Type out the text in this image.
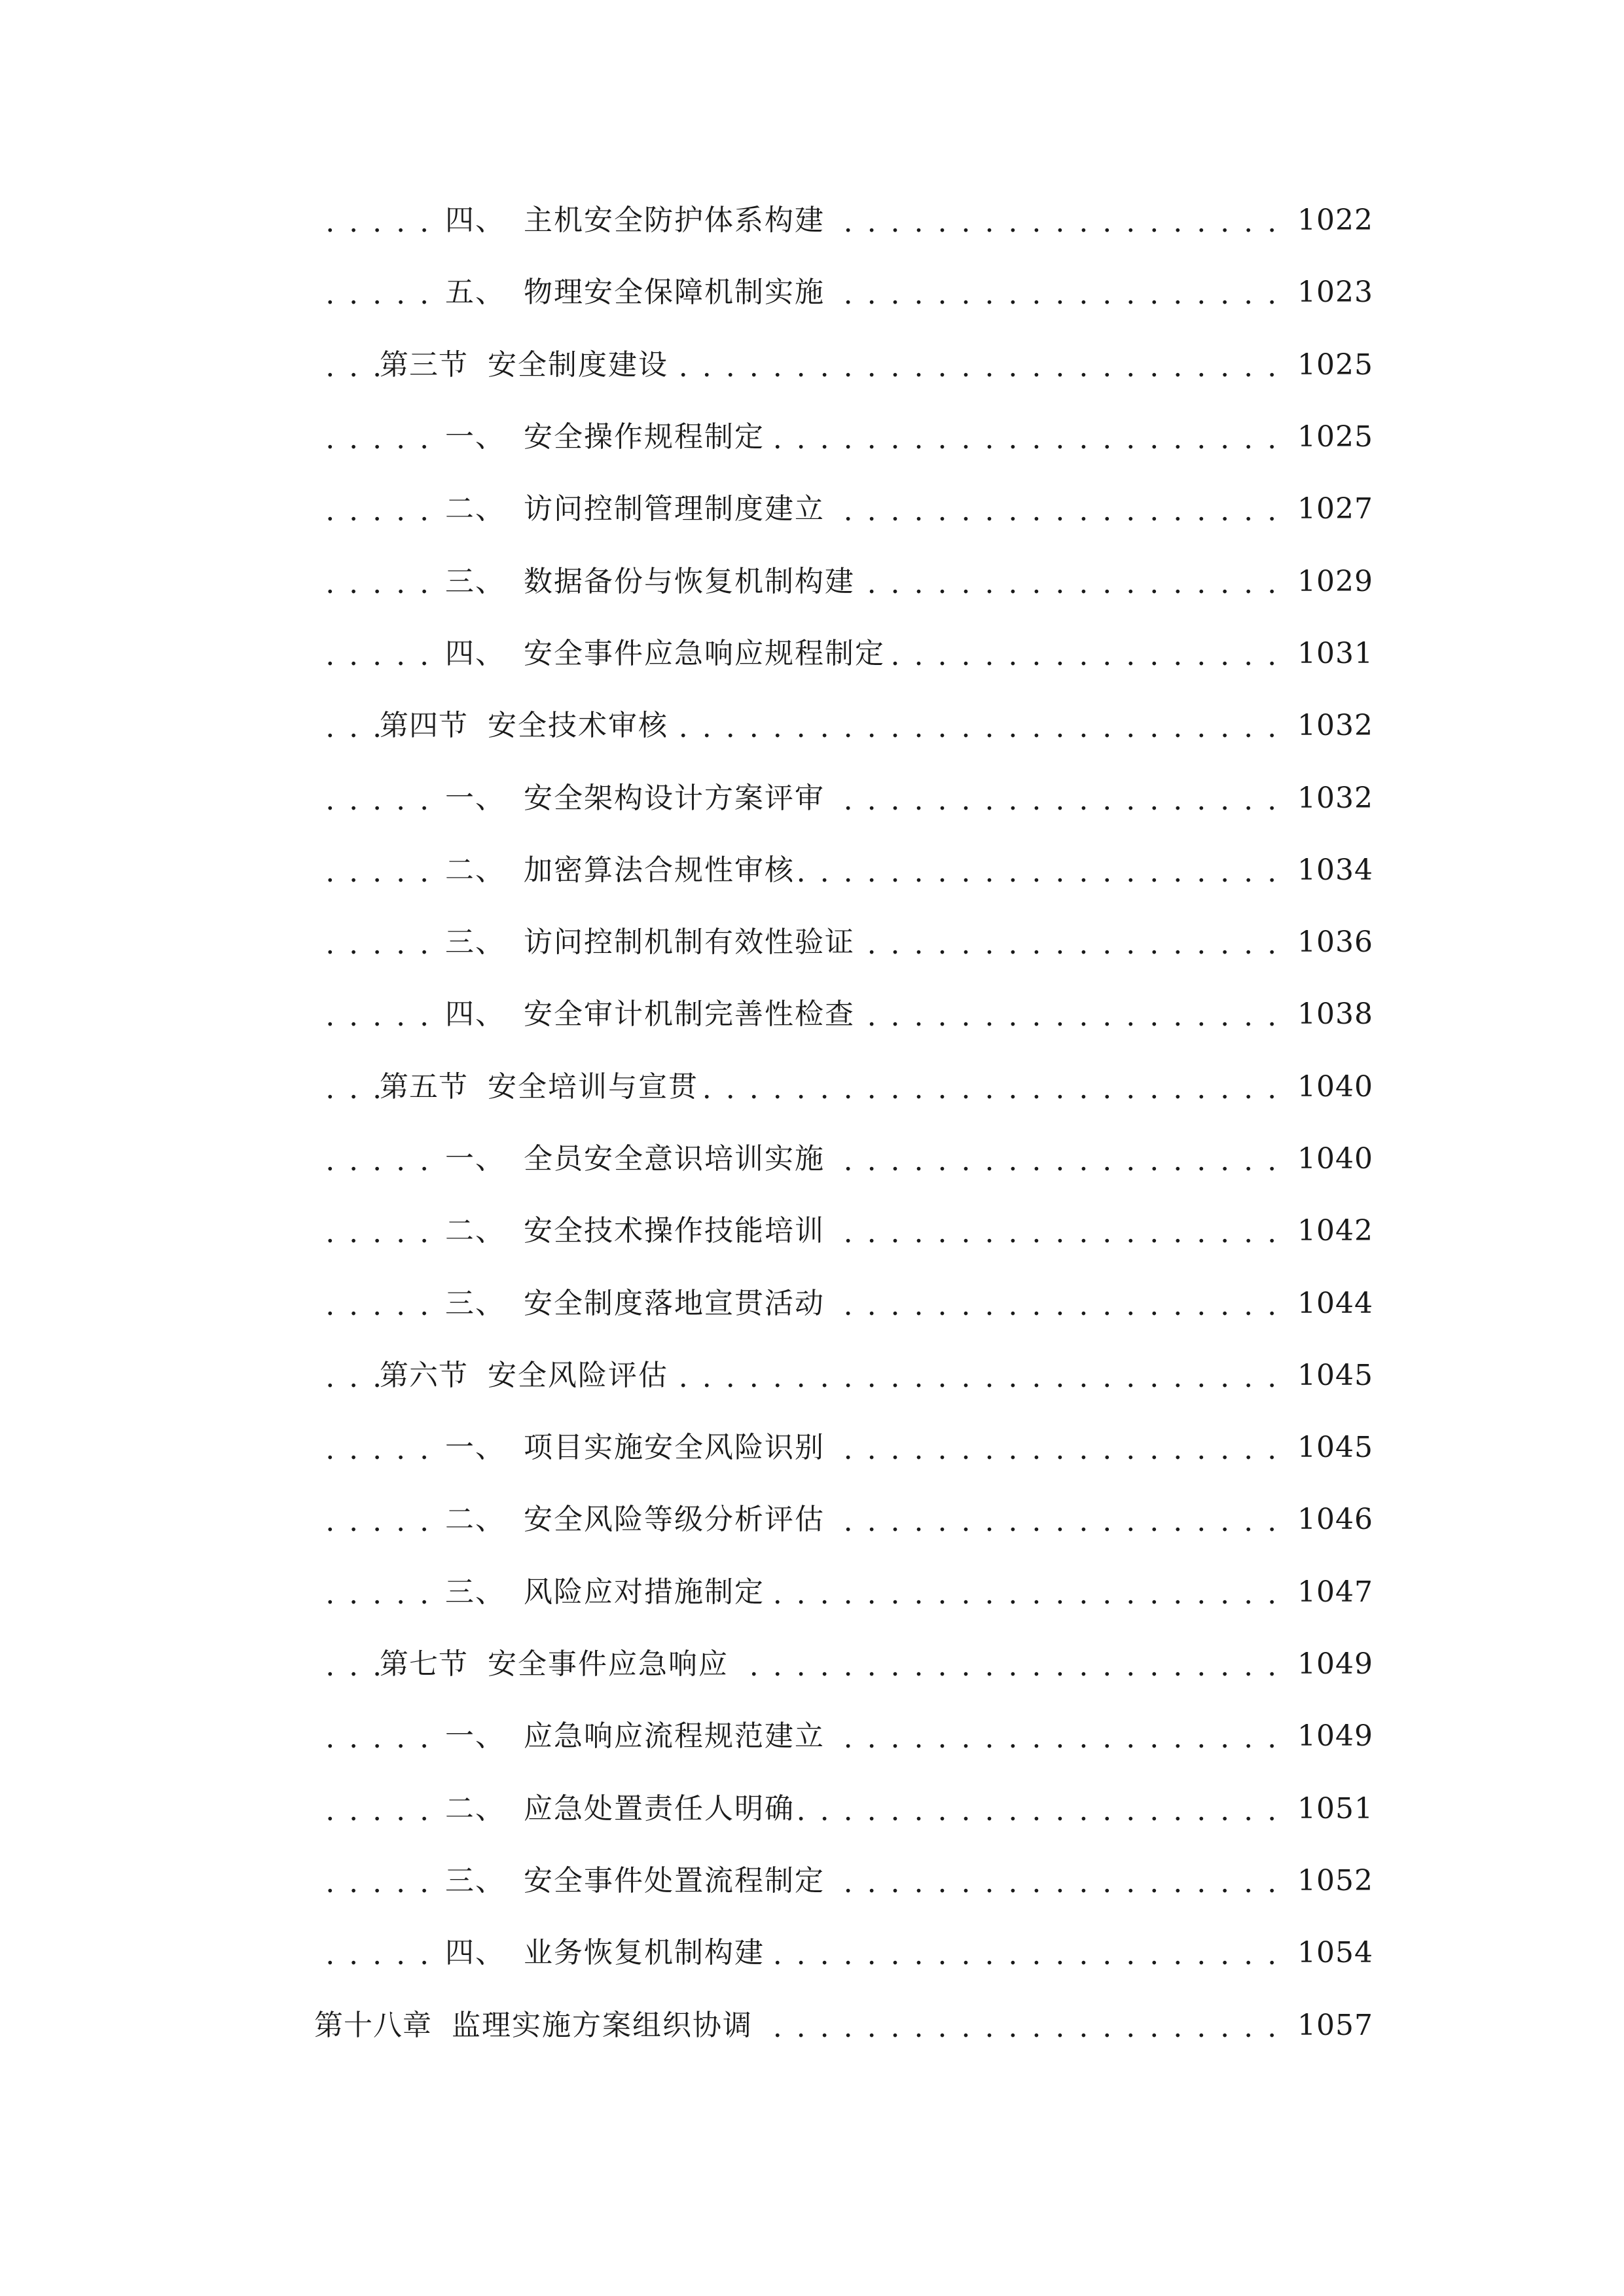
. . .
四、 主机安全防护体系构建	1022
. . .
五、 物理安全保障机制实施	1023
. . .
第三节 安全制度建设	1025
. . .
一、 安全操作规程制定	1025
. . .
二、 访问控制管理制度建立	1027
. . .
三、 数据备份与恢复机制构建	1029
. . .
四、 安全事件应急响应规程制定	1031
. . .
第四节 安全技术审核	1032
. . .
一、 安全架构设计方案评审	1032
. . .
二、 加密算法合规性审核	1034
. . .
三、 访问控制机制有效性验证	1036
. . .
四、 安全审计机制完善性检查	1038
. . .
第五节 安全培训与宣贯	1040
. . .
一、 全员安全意识培训实施	1040
. . .
二、 安全技术操作技能培训	1042
. . .
三、 安全制度落地宣贯活动	1044
. . .
第六节 安全风险评估	1045
. . .
一、 项目实施安全风险识别	1045
. . .
二、 安全风险等级分析评估	1046
. . .
三、 风险应对措施制定	1047
. . .
第七节 安全事件应急响应	1049
. . .
一、 应急响应流程规范建立	1049
. . .
二、 应急处置责任人明确	1051
. . .
三、 安全事件处置流程制定	1052
. . .
四、 业务恢复机制构建	1054
. . .
第十八章 监理实施方案组织协调	1057
